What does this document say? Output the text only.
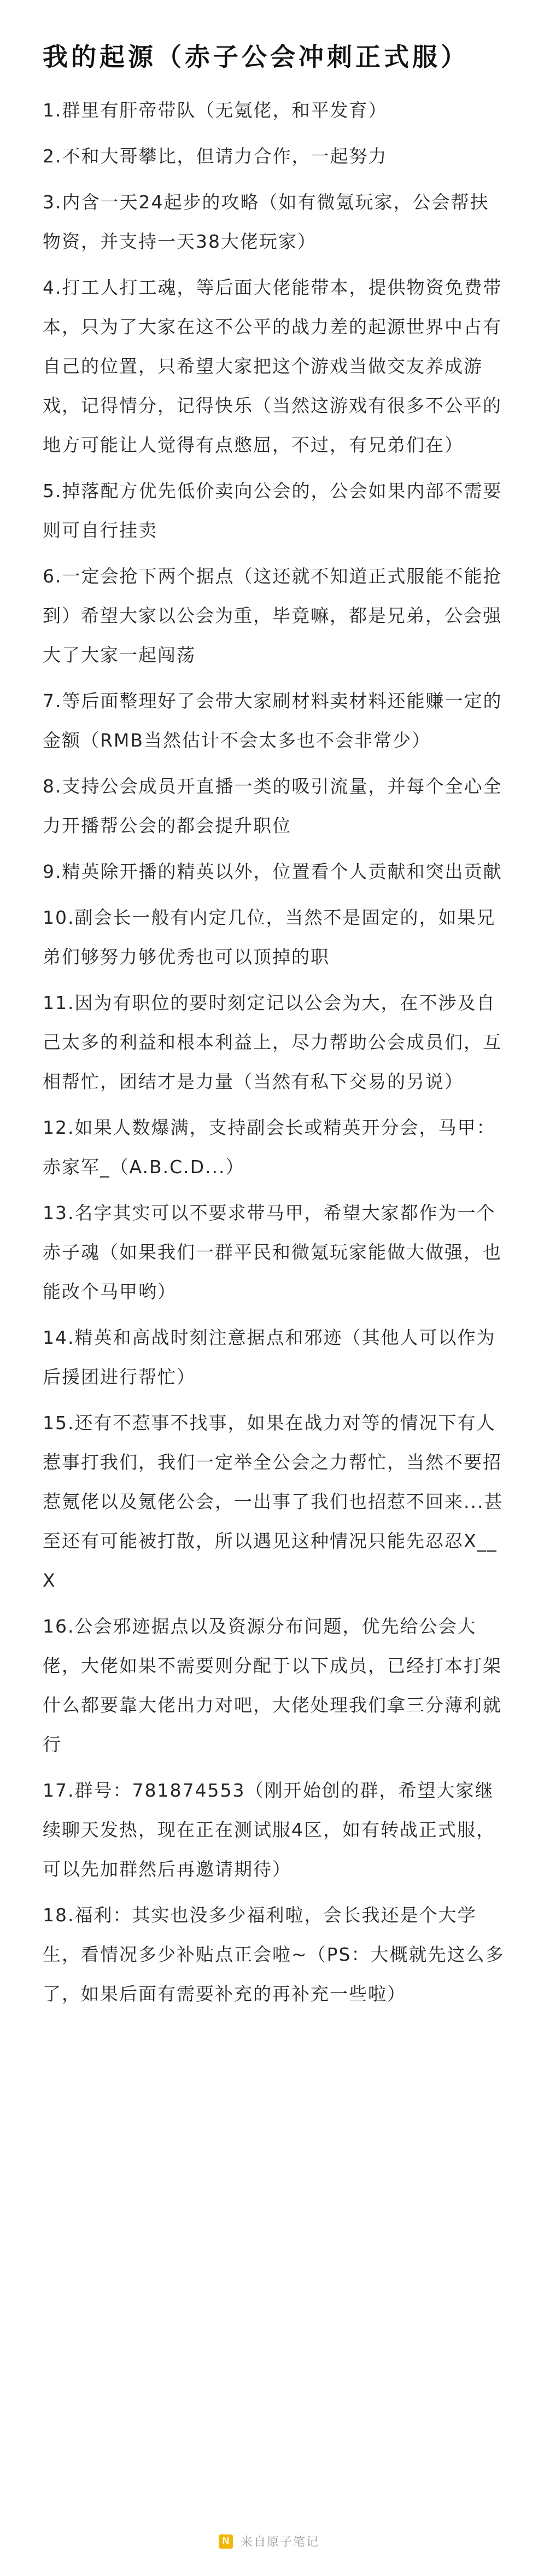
我的起源（赤子公会冲刺正式服）
1.群里有肝帝带队（无氪佬，和平发育）
2.不和大哥攀比，但请力合作，一起努力
3.内含一天24起步的攻略（如有微氪玩家，公会帮扶物资，并支持一天38大佬玩家）
4.打工人打工魂，等后面大佬能带本，提供物资免费带本，只为了大家在这不公平的战力差的起源世界中占有自己的位置，只希望大家把这个游戏当做交友养成游戏，记得情分，记得快乐（当然这游戏有很多不公平的地方可能让人觉得有点憋屈，不过，有兄弟们在）
5.掉落配方优先低价卖向公会的，公会如果内部不需要则可自行挂卖
6.一定会抢下两个据点（这还就不知道正式服能不能抢到）希望大家以公会为重，毕竟嘛，都是兄弟，公会强大了大家一起闯荡
7.等后面整理好了会带大家刷材料卖材料还能赚一定的金额（RMB当然估计不会太多也不会非常少）
8.支持公会成员开直播一类的吸引流量，并每个全心全力开播帮公会的都会提升职位
9.精英除开播的精英以外，位置看个人贡献和突出贡献
10.副会长一般有内定几位，当然不是固定的，如果兄弟们够努力够优秀也可以顶掉的职
11.因为有职位的要时刻定记以公会为大，在不涉及自己太多的利益和根本利益上，尽力帮助公会成员们，互相帮忙，团结才是力量（当然有私下交易的另说）
12.如果人数爆满，支持副会长或精英开分会，马甲：赤家军_（A.B.C.D...）
13.名字其实可以不要求带马甲，希望大家都作为一个赤子魂（如果我们一群平民和微氪玩家能做大做强，也能改个马甲哟）
14.精英和高战时刻注意据点和邪迹（其他人可以作为后援团进行帮忙）
15.还有不惹事不找事，如果在战力对等的情况下有人惹事打我们，我们一定举全公会之力帮忙，当然不要招惹氪佬以及氪佬公会，一出事了我们也招惹不回来...甚至还有可能被打散，所以遇见这种情况只能先忍忍X__X
16.公会邪迹据点以及资源分布问题，优先给公会大佬，大佬如果不需要则分配于以下成员，已经打本打架什么都要靠大佬出力对吧，大佬处理我们拿三分薄利就行
17.群号：781874553（刚开始创的群，希望大家继续聊天发热，现在正在测试服4区，如有转战正式服，可以先加群然后再邀请期待）
18.福利：其实也没多少福利啦，会长我还是个大学生，看情况多少补贴点正会啦~（PS：大概就先这么多了，如果后面有需要补充的再补充一些啦）
N 来自原子笔记
